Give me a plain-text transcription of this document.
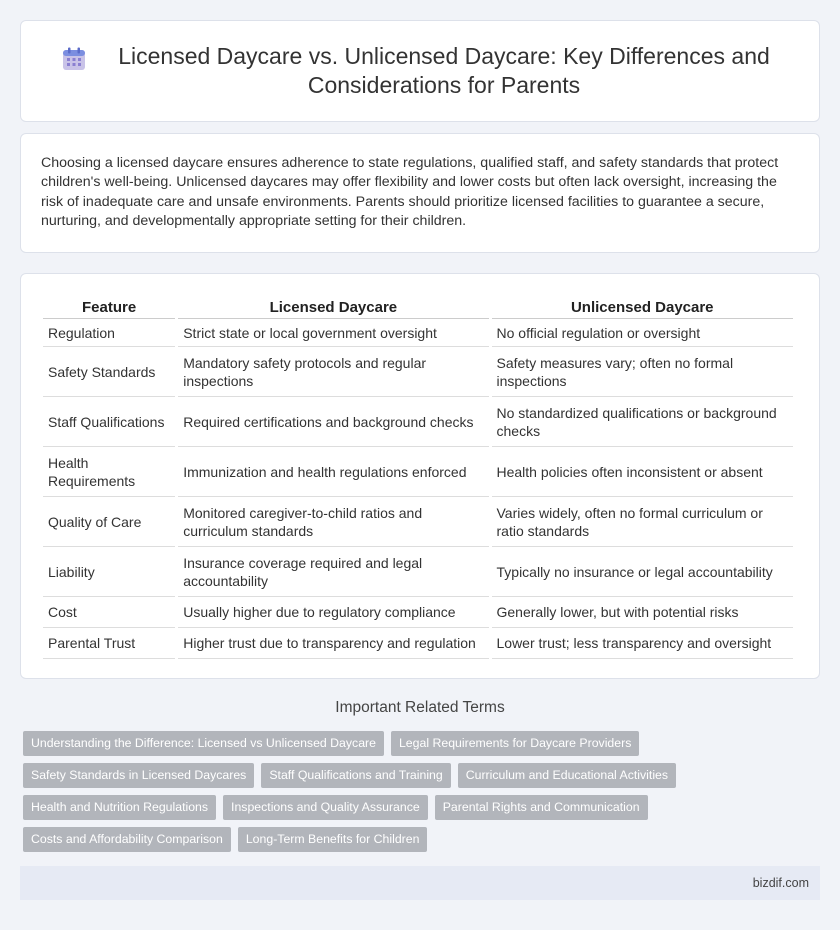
Licensed Daycare vs. Unlicensed Daycare: Key Differences and Considerations for Parents

Choosing a licensed daycare ensures adherence to state regulations, qualified staff, and safety standards that protect children's well-being. Unlicensed daycares may offer flexibility and lower costs but often lack oversight, increasing the risk of inadequate care and unsafe environments. Parents should prioritize licensed facilities to guarantee a secure, nurturing, and developmentally appropriate setting for their children.

Feature	Licensed Daycare	Unlicensed Daycare
Regulation	Strict state or local government oversight	No official regulation or oversight
Safety Standards	Mandatory safety protocols and regular inspections	Safety measures vary; often no formal inspections
Staff Qualifications	Required certifications and background checks	No standardized qualifications or background checks
Health Requirements	Immunization and health regulations enforced	Health policies often inconsistent or absent
Quality of Care	Monitored caregiver-to-child ratios and curriculum standards	Varies widely, often no formal curriculum or ratio standards
Liability	Insurance coverage required and legal accountability	Typically no insurance or legal accountability
Cost	Usually higher due to regulatory compliance	Generally lower, but with potential risks
Parental Trust	Higher trust due to transparency and regulation	Lower trust; less transparency and oversight
Important Related Terms
Understanding the Difference: Licensed vs Unlicensed Daycare	Legal Requirements for Daycare Providers
Safety Standards in Licensed Daycares	Staff Qualifications and Training	Curriculum and Educational Activities
Health and Nutrition Regulations	Inspections and Quality Assurance	Parental Rights and Communication
Costs and Affordability Comparison	Long-Term Benefits for Children
bizdif.com
